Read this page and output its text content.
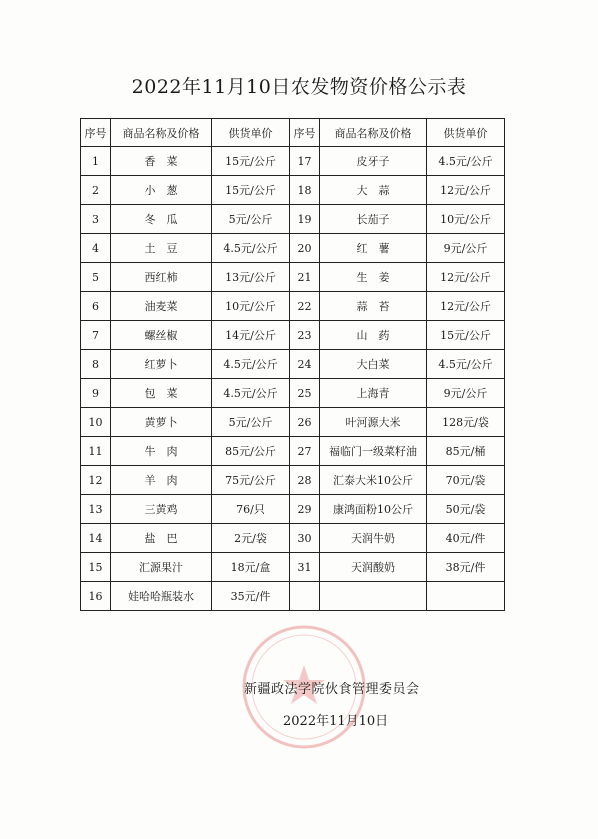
2022年11月10日农发物资价格公示表
序号	商品名称及价格	供货单价	序号	商品名称及价格	供货单价
1	香　菜	15元/公斤	17	皮牙子	4.5元/公斤
2	小　葱	15元/公斤	18	大　蒜	12元/公斤
3	冬　瓜	5元/公斤	19	长茄子	10元/公斤
4	土　豆	4.5元/公斤	20	红　薯	9元/公斤
5	西红柿	13元/公斤	21	生　姜	12元/公斤
6	油麦菜	10元/公斤	22	蒜　苔	12元/公斤
7	螺丝椒	14元/公斤	23	山　药	15元/公斤
8	红萝卜	4.5元/公斤	24	大白菜	4.5元/公斤
9	包　菜	4.5元/公斤	25	上海青	9元/公斤
10	黄萝卜	5元/公斤	26	叶河源大米	128元/袋
11	牛　肉	85元/公斤	27	福临门一级菜籽油	85元/桶
12	羊　肉	75元/公斤	28	汇泰大米10公斤	70元/袋
13	三黄鸡	76/只	29	康鸿面粉10公斤	50元/袋
14	盐　巴	2元/袋	30	天润牛奶	40元/件
15	汇源果汁	18元/盒	31	天润酸奶	38元/件
16	娃哈哈瓶装水	35元/件			
新疆政法学院伙食管理委员会
2022年11月10日
